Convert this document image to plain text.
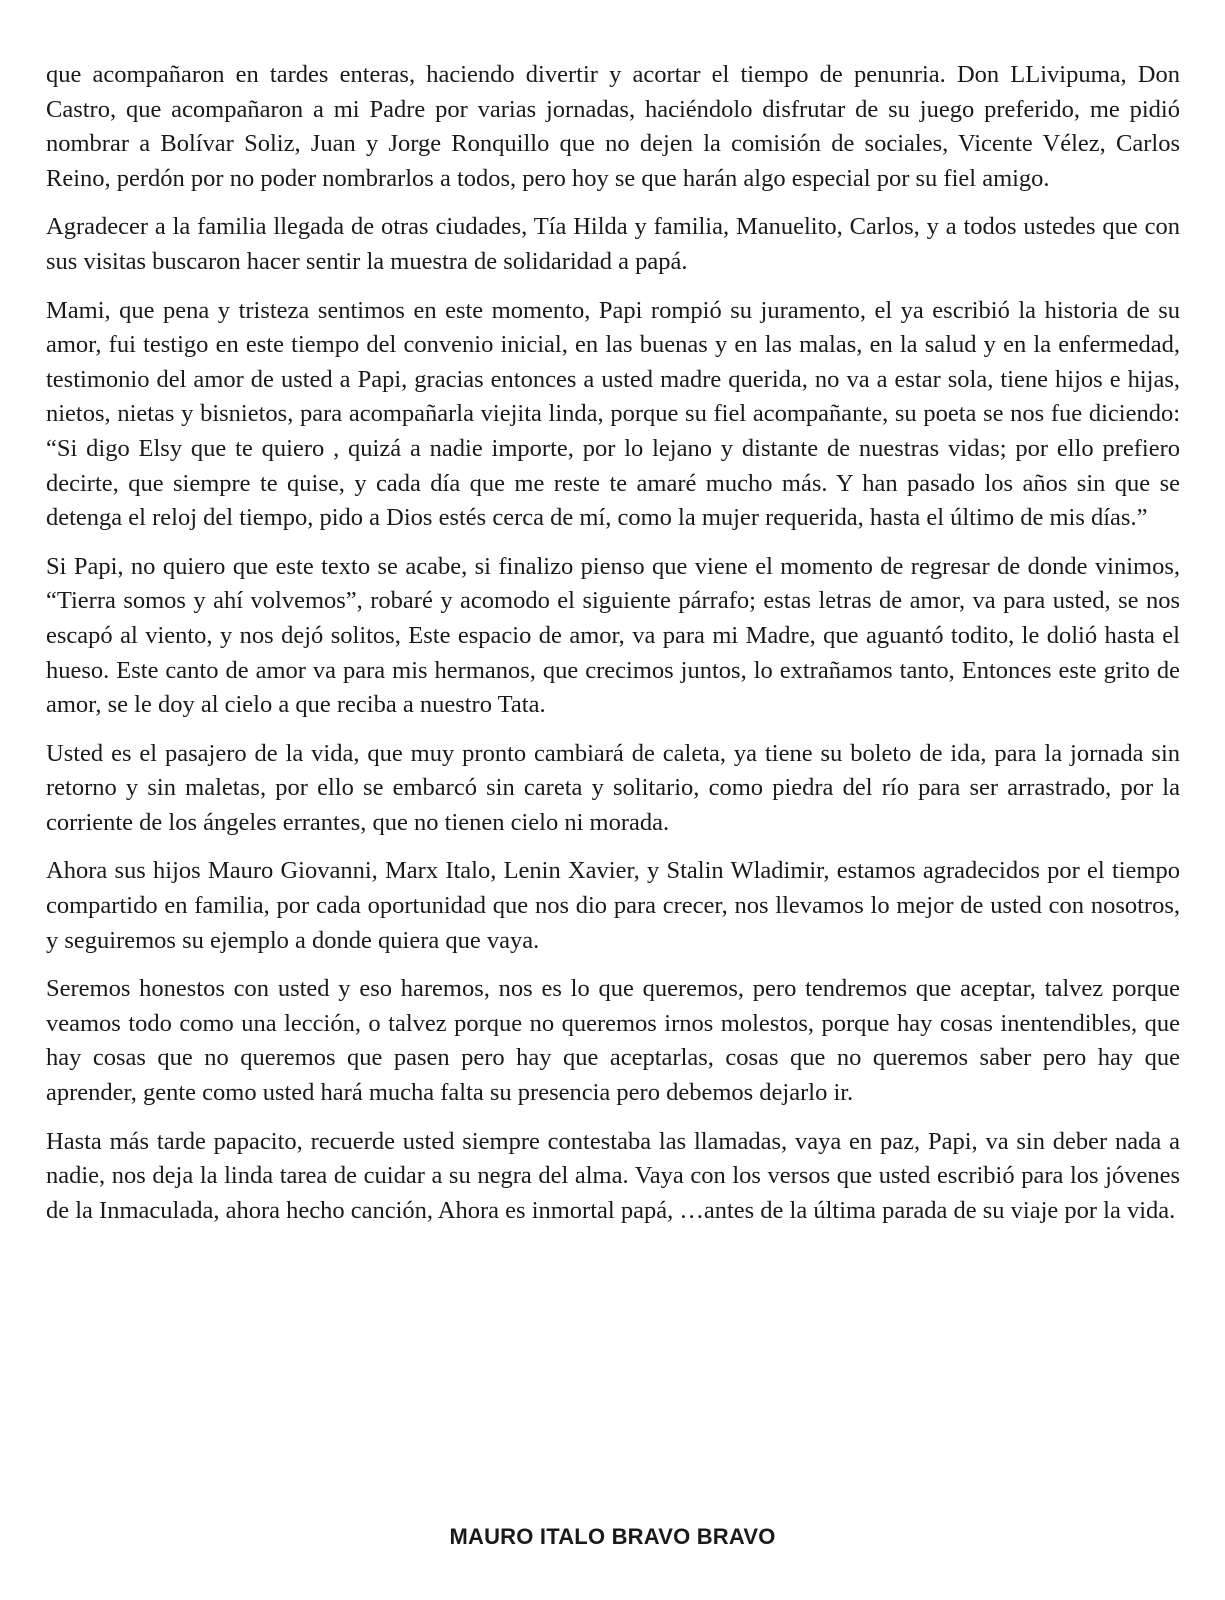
que acompañaron en tardes enteras, haciendo divertir y acortar el tiempo de penunria. Don LLivipuma, Don Castro, que acompañaron a mi Padre por varias jornadas, haciéndolo disfrutar de su juego preferido, me pidió nombrar a Bolívar Soliz, Juan y Jorge Ronquillo que no dejen la comisión de sociales, Vicente Vélez, Carlos Reino, perdón por no poder nombrarlos a todos, pero hoy se que harán algo especial por su fiel amigo.

Agradecer a la familia llegada de otras ciudades, Tía Hilda y familia, Manuelito, Carlos, y a todos ustedes que con sus visitas buscaron hacer sentir la muestra de solidaridad a papá.

Mami, que pena y tristeza sentimos en este momento, Papi rompió su juramento, el ya escribió la historia de su amor, fui testigo en este tiempo del convenio inicial, en las buenas y en las malas, en la salud y en la enfermedad, testimonio del amor de usted a Papi, gracias entonces a usted madre querida, no va a estar sola, tiene hijos e hijas, nietos, nietas y bisnietos, para acompañarla viejita linda, porque su fiel acompañante, su poeta se nos fue diciendo: “Si digo Elsy que te quiero , quizá a nadie importe, por lo lejano y distante de nuestras vidas; por ello prefiero decirte, que siempre te quise, y cada día que me reste te amaré mucho más. Y han pasado los años sin que se detenga el reloj del tiempo, pido a Dios estés cerca de mí, como la mujer requerida, hasta el último de mis días.”

Si Papi, no quiero que este texto se acabe, si finalizo pienso que viene el momento de regresar de donde vinimos, “Tierra somos y ahí volvemos”, robaré y acomodo el siguiente párrafo; estas letras de amor, va para usted, se nos escapó al viento, y nos dejó solitos, Este espacio de amor, va para mi Madre, que aguantó todito, le dolió hasta el hueso. Este canto de amor va para mis hermanos, que crecimos juntos, lo extrañamos tanto, Entonces este grito de amor, se le doy al cielo a que reciba a nuestro Tata.

Usted es el pasajero de la vida, que muy pronto cambiará de caleta, ya tiene su boleto de ida, para la jornada sin retorno y sin maletas, por ello se embarcó sin careta y solitario, como piedra del río para ser arrastrado, por la corriente de los ángeles errantes, que no tienen cielo ni morada.

Ahora sus hijos Mauro Giovanni, Marx Italo, Lenin Xavier, y Stalin Wladimir, estamos agradecidos por el tiempo compartido en familia, por cada oportunidad que nos dio para crecer, nos llevamos lo mejor de usted con nosotros, y seguiremos su ejemplo a donde quiera que vaya.

Seremos honestos con usted y eso haremos, nos es lo que queremos, pero tendremos que aceptar, talvez porque veamos todo como una lección, o talvez porque no queremos irnos molestos, porque hay cosas inentendibles, que hay cosas que no queremos que pasen pero hay que aceptarlas, cosas que no queremos saber pero hay que aprender, gente como usted hará mucha falta su presencia pero debemos dejarlo ir.

Hasta más tarde papacito, recuerde usted siempre contestaba las llamadas, vaya en paz, Papi, va sin deber nada a nadie, nos deja la linda tarea de cuidar a su negra del alma. Vaya con los versos que usted escribió para los jóvenes de la Inmaculada, ahora hecho canción, Ahora es inmortal papá, …antes de la última parada de su viaje por la vida.

MAURO ITALO BRAVO BRAVO
